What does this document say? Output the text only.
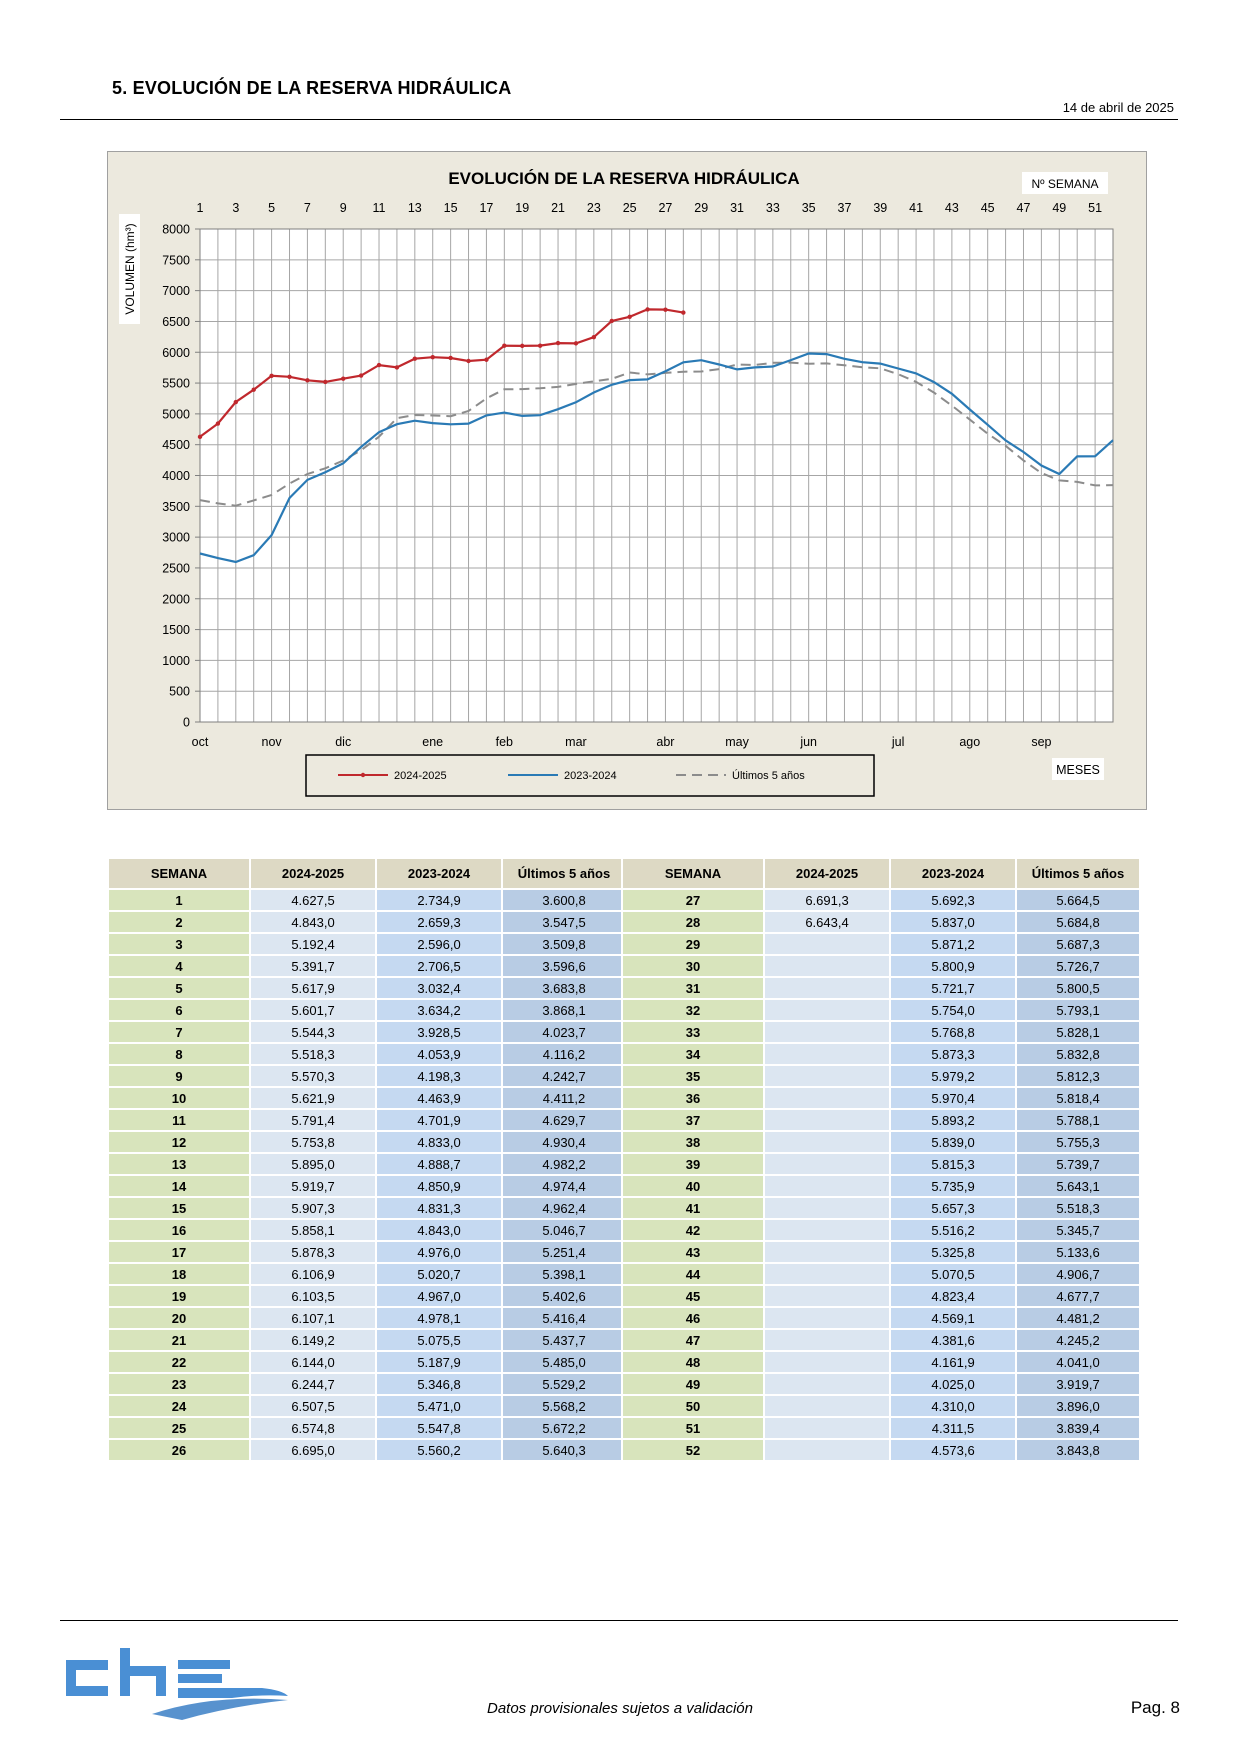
5. EVOLUCIÓN DE LA RESERVA HIDRÁULICA
14 de abril de 2025
0
500
1000
1500
2000
2500
3000
3500
4000
4500
5000
5500
6000
6500
7000
7500
8000
1 3 5 7 9 11 13 15 17 19 21 23 25 27 29 31 33 35 37 39 41 43 45 47 49 51
oct	nov	dic	ene	feb	mar	abr	may	jun	jul	ago	sep
EVOLUCIÓN DE LA RESERVA HIDRÁULICA	Nº SEMANA
MESES
VOLUMEN (hm³)
2024-2025	2023-2024	Últimos 5 años
SEMANA	2024-2025	2023-2024	Últimos 5 años
1	4.627,5	2.734,9	3.600,8
2	4.843,0	2.659,3	3.547,5
3	5.192,4	2.596,0	3.509,8
4	5.391,7	2.706,5	3.596,6
5	5.617,9	3.032,4	3.683,8
6	5.601,7	3.634,2	3.868,1
7	5.544,3	3.928,5	4.023,7
8	5.518,3	4.053,9	4.116,2
9	5.570,3	4.198,3	4.242,7
10	5.621,9	4.463,9	4.411,2
11	5.791,4	4.701,9	4.629,7
12	5.753,8	4.833,0	4.930,4
13	5.895,0	4.888,7	4.982,2
14	5.919,7	4.850,9	4.974,4
15	5.907,3	4.831,3	4.962,4
16	5.858,1	4.843,0	5.046,7
17	5.878,3	4.976,0	5.251,4
18	6.106,9	5.020,7	5.398,1
19	6.103,5	4.967,0	5.402,6
20	6.107,1	4.978,1	5.416,4
21	6.149,2	5.075,5	5.437,7
22	6.144,0	5.187,9	5.485,0
23	6.244,7	5.346,8	5.529,2
24	6.507,5	5.471,0	5.568,2
25	6.574,8	5.547,8	5.672,2
26	6.695,0	5.560,2	5.640,3
SEMANA	2024-2025	2023-2024	Últimos 5 años
27	6.691,3	5.692,3	5.664,5
28	6.643,4	5.837,0	5.684,8
29		5.871,2	5.687,3
30		5.800,9	5.726,7
31		5.721,7	5.800,5
32		5.754,0	5.793,1
33		5.768,8	5.828,1
34		5.873,3	5.832,8
35		5.979,2	5.812,3
36		5.970,4	5.818,4
37		5.893,2	5.788,1
38		5.839,0	5.755,3
39		5.815,3	5.739,7
40		5.735,9	5.643,1
41		5.657,3	5.518,3
42		5.516,2	5.345,7
43		5.325,8	5.133,6
44		5.070,5	4.906,7
45		4.823,4	4.677,7
46		4.569,1	4.481,2
47		4.381,6	4.245,2
48		4.161,9	4.041,0
49		4.025,0	3.919,7
50		4.310,0	3.896,0
51		4.311,5	3.839,4
52		4.573,6	3.843,8
Datos provisionales sujetos a validación	Pag. 8
